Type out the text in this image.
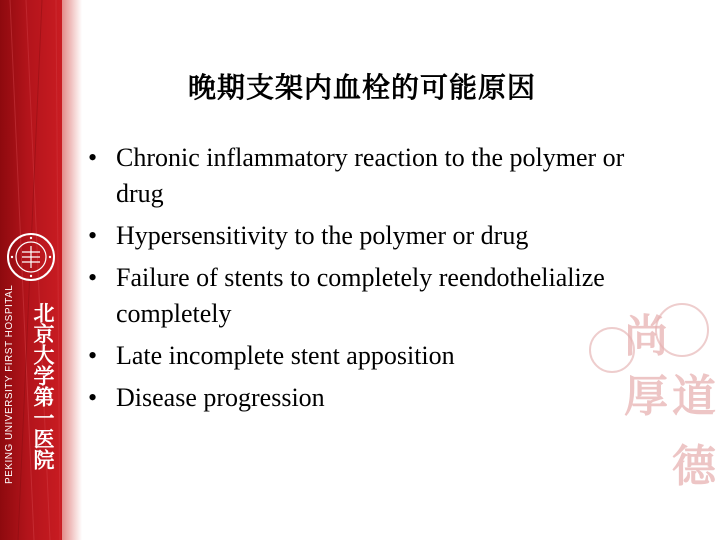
PEKING UNIVERSITY FIRST HOSPITAL 北京大学第一医院	尚
厚 道
德
晚期支架内血栓的可能原因
• Chronic inflammatory reaction to the polymer or drug
• Hypersensitivity to the polymer or drug
• Failure of stents to completely reendothelialize completely
• Late incomplete stent apposition
• Disease progression
